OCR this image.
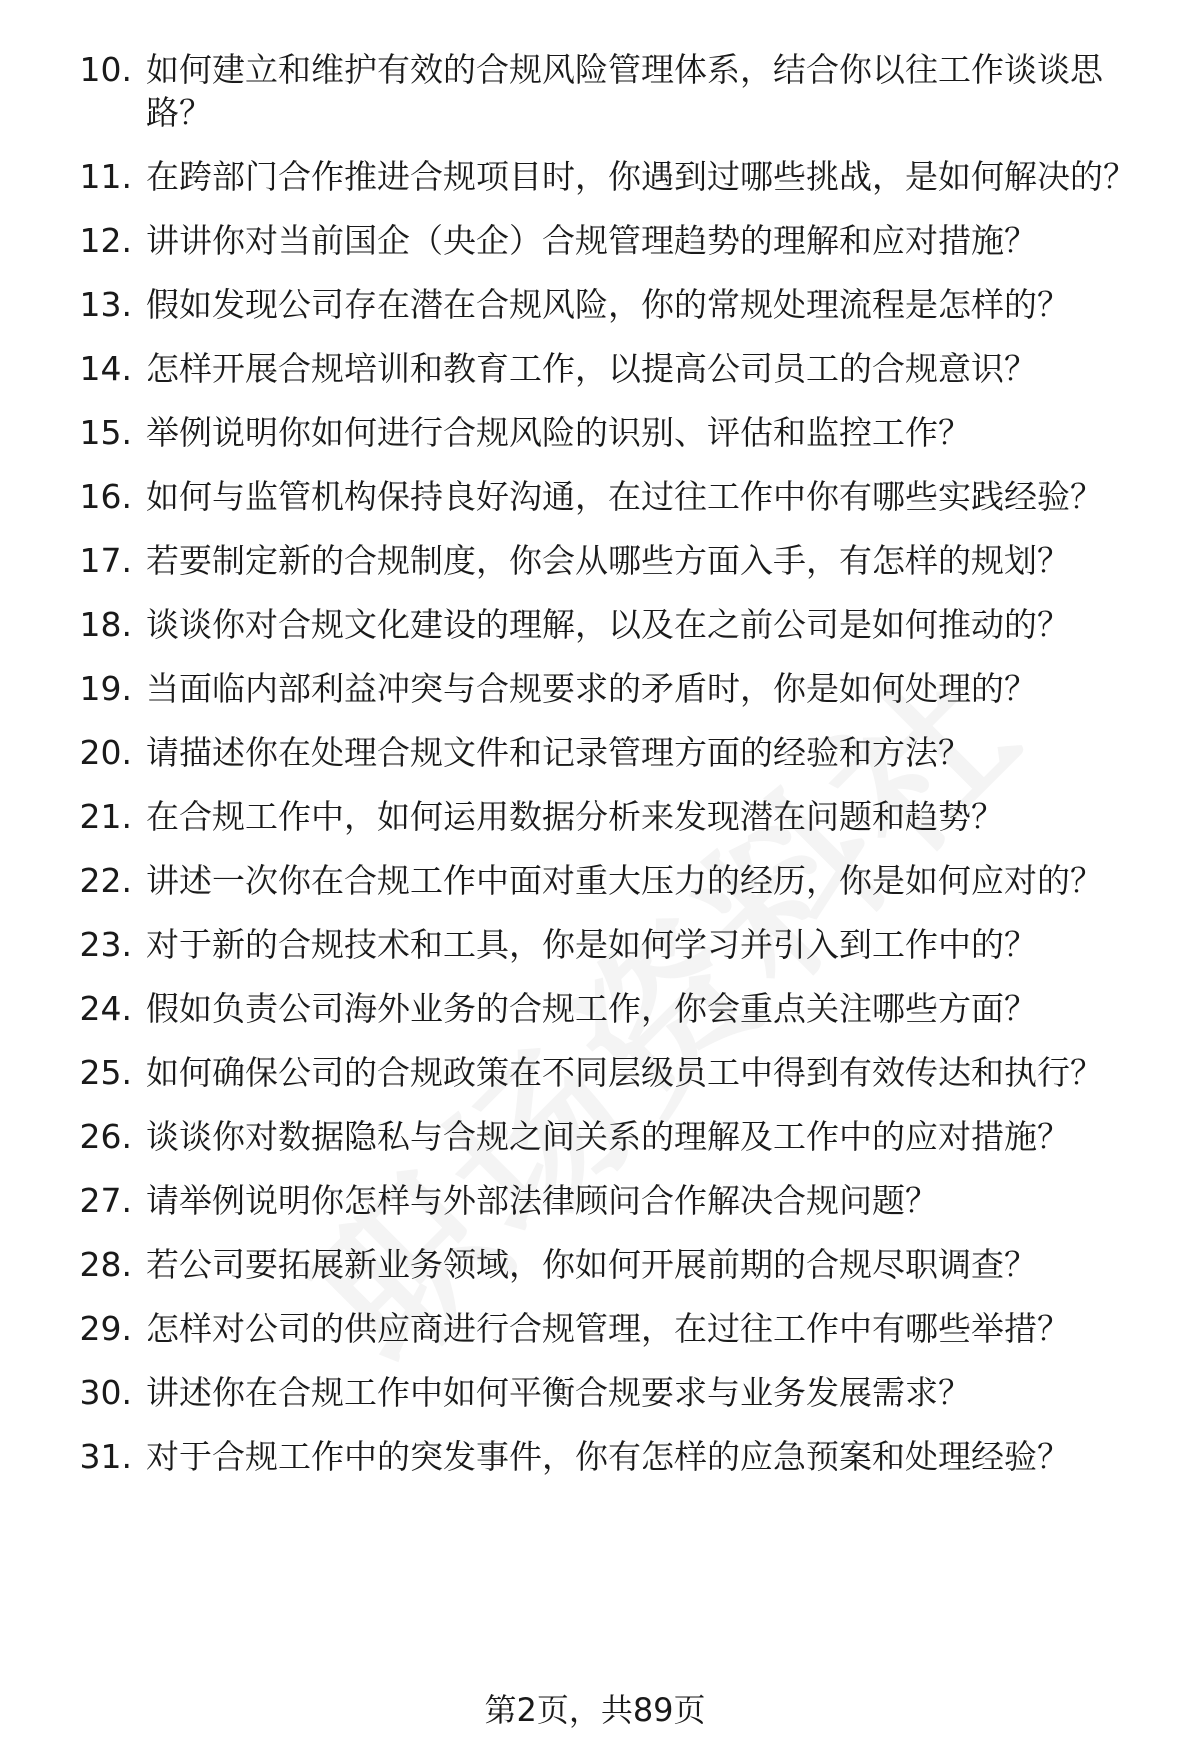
10. 如何建立和维护有效的合规风险管理体系，结合你以往工作谈谈思路？
11. 在跨部门合作推进合规项目时，你遇到过哪些挑战，是如何解决的？
12. 讲讲你对当前国企（央企）合规管理趋势的理解和应对措施？
13. 假如发现公司存在潜在合规风险，你的常规处理流程是怎样的？
14. 怎样开展合规培训和教育工作，以提高公司员工的合规意识？
15. 举例说明你如何进行合规风险的识别、评估和监控工作？
16. 如何与监管机构保持良好沟通，在过往工作中你有哪些实践经验？
17. 若要制定新的合规制度，你会从哪些方面入手，有怎样的规划？
18. 谈谈你对合规文化建设的理解，以及在之前公司是如何推动的？
19. 当面临内部利益冲突与合规要求的矛盾时，你是如何处理的？
20. 请描述你在处理合规文件和记录管理方面的经验和方法？
21. 在合规工作中，如何运用数据分析来发现潜在问题和趋势？
22. 讲述一次你在合规工作中面对重大压力的经历，你是如何应对的？
23. 对于新的合规技术和工具，你是如何学习并引入到工作中的？
24. 假如负责公司海外业务的合规工作，你会重点关注哪些方面？
25. 如何确保公司的合规政策在不同层级员工中得到有效传达和执行？
26. 谈谈你对数据隐私与合规之间关系的理解及工作中的应对措施？
27. 请举例说明你怎样与外部法律顾问合作解决合规问题？
28. 若公司要拓展新业务领域，你如何开展前期的合规尽职调查？
29. 怎样对公司的供应商进行合规管理，在过往工作中有哪些举措？
30. 讲述你在合规工作中如何平衡合规要求与业务发展需求？
31. 对于合规工作中的突发事件，你有怎样的应急预案和处理经验？
第2页，共89页
